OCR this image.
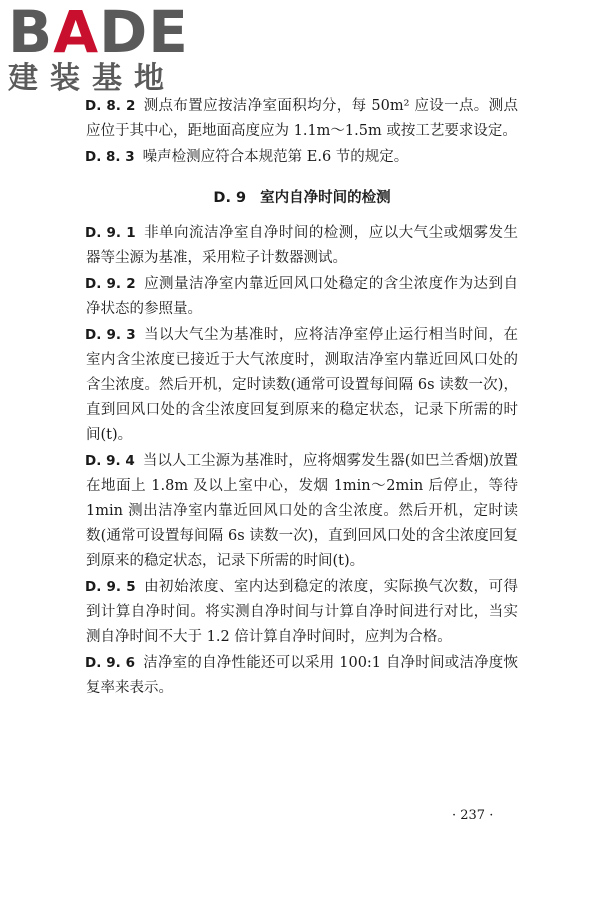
BADE
建装基地

D. 8. 2 测点布置应按洁净室面积均分，每 50m² 应设一点。测点应位于其中心，距地面高度应为 1.1m～1.5m 或按工艺要求设定。

D. 8. 3 噪声检测应符合本规范第 E.6 节的规定。

D. 9 室内自净时间的检测

D. 9. 1 非单向流洁净室自净时间的检测，应以大气尘或烟雾发生器等尘源为基准，采用粒子计数器测试。

D. 9. 2 应测量洁净室内靠近回风口处稳定的含尘浓度作为达到自净状态的参照量。

D. 9. 3 当以大气尘为基准时，应将洁净室停止运行相当时间，在室内含尘浓度已接近于大气浓度时，测取洁净室内靠近回风口处的含尘浓度。然后开机，定时读数(通常可设置每间隔 6s 读数一次)，直到回风口处的含尘浓度回复到原来的稳定状态，记录下所需的时间(t)。

D. 9. 4 当以人工尘源为基准时，应将烟雾发生器(如巴兰香烟)放置在地面上 1.8m 及以上室中心，发烟 1min～2min 后停止，等待 1min 测出洁净室内靠近回风口处的含尘浓度。然后开机，定时读数(通常可设置每间隔 6s 读数一次)，直到回风口处的含尘浓度回复到原来的稳定状态，记录下所需的时间(t)。

D. 9. 5 由初始浓度、室内达到稳定的浓度，实际换气次数，可得到计算自净时间。将实测自净时间与计算自净时间进行对比，当实测自净时间不大于 1.2 倍计算自净时间时，应判为合格。

D. 9. 6 洁净室的自净性能还可以采用 100:1 自净时间或洁净度恢复率来表示。

· 237 ·
